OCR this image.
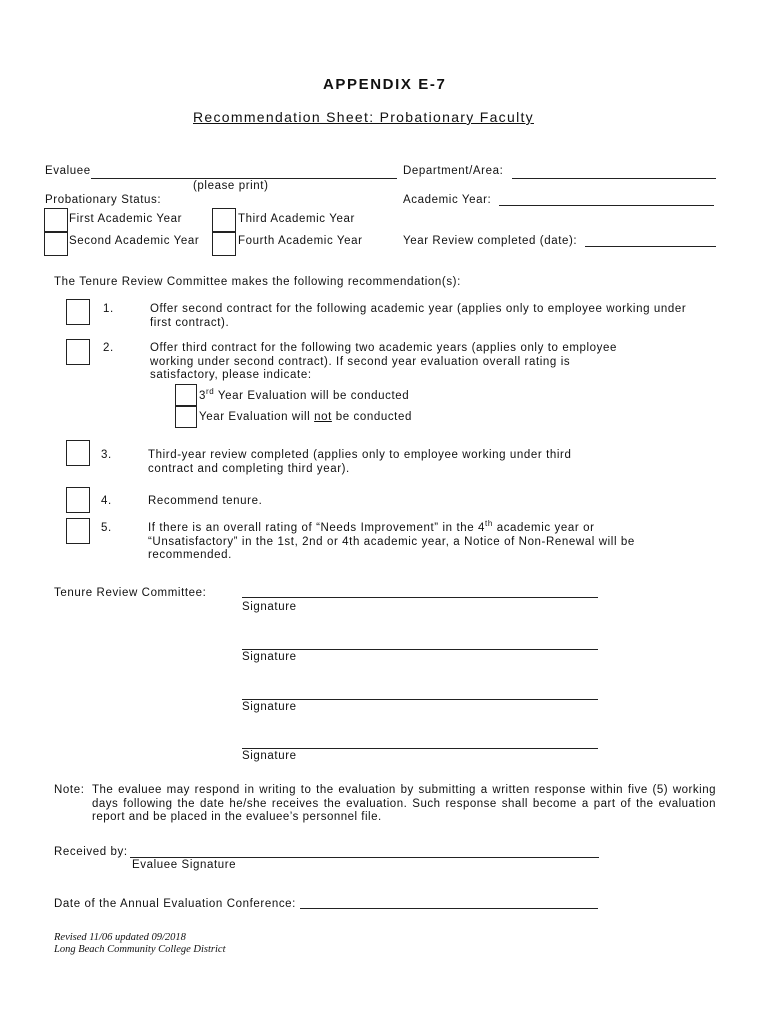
APPENDIX E-7
Recommendation Sheet: Probationary Faculty
Evaluee	Department/Area:
(please print)
Probationary Status:	Academic Year:
First Academic Year	Third Academic Year
Second Academic Year	Fourth Academic Year	Year Review completed (date):
The Tenure Review Committee makes the following recommendation(s):
1.	Offer second contract for the following academic year (applies only to employee working under first contract).
2.	Offer third contract for the following two academic years (applies only to employee working under second contract). If second year evaluation overall rating is satisfactory, please indicate:
3rd Year Evaluation will be conducted
Year Evaluation will not be conducted
3.	Third-year review completed (applies only to employee working under third contract and completing third year).
4.	Recommend tenure.
5.	If there is an overall rating of “Needs Improvement” in the 4th academic year or “Unsatisfactory” in the 1st, 2nd or 4th academic year, a Notice of Non-Renewal will be recommended.
Tenure Review Committee:
Signature
Signature
Signature
Signature
Note: The evaluee may respond in writing to the evaluation by submitting a written response within five (5) working days following the date he/she receives the evaluation. Such response shall become a part of the evaluation report and be placed in the evaluee’s personnel file.
Received by:
Evaluee Signature
Date of the Annual Evaluation Conference:
Revised 11/06 updated 09/2018
Long Beach Community College District
